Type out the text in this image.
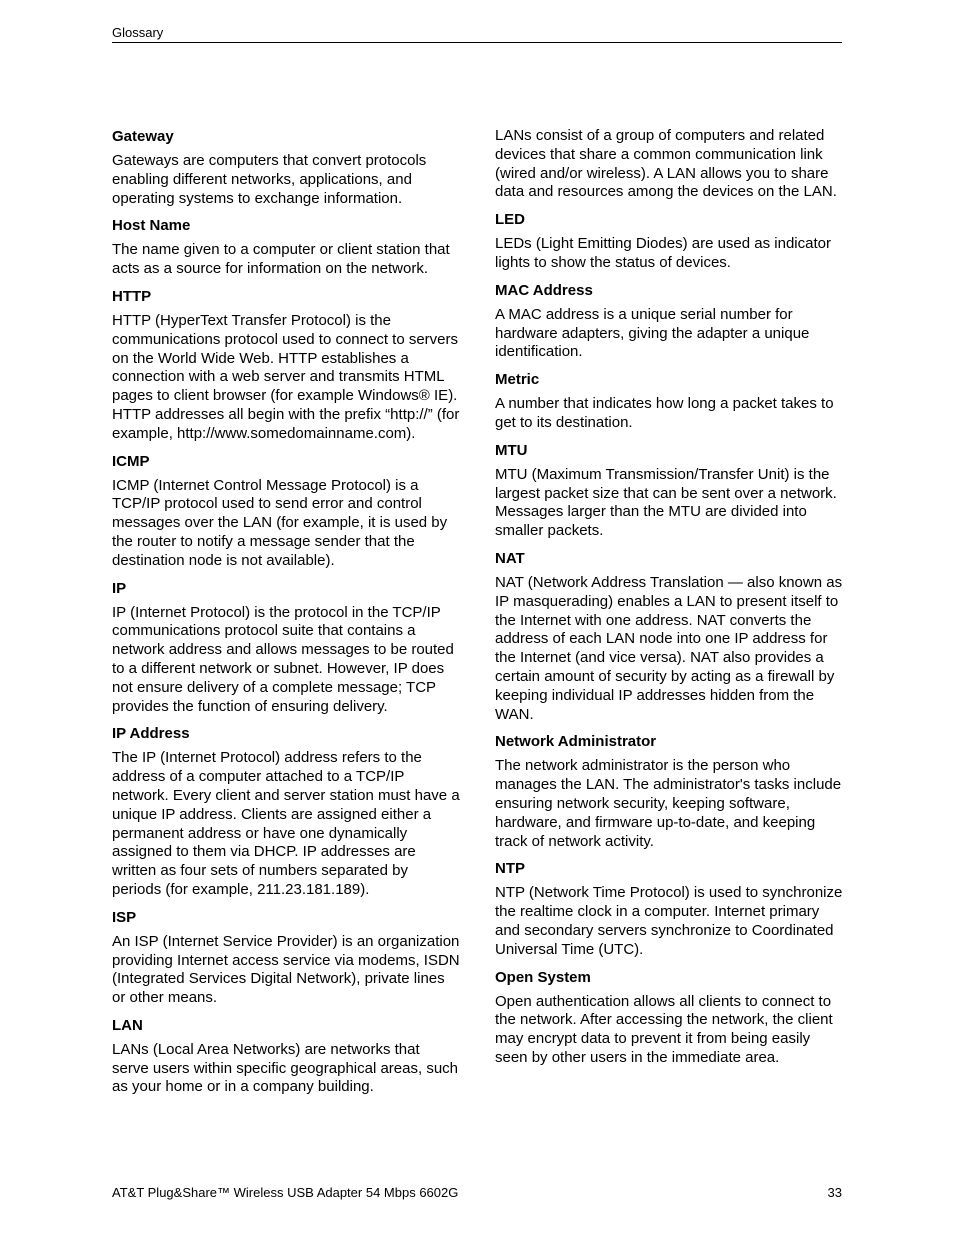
Glossary
Gateway

Gateways are computers that convert protocols enabling different networks, applications, and operating systems to exchange information.

Host Name

The name given to a computer or client station that acts as a source for information on the network.

HTTP

HTTP (HyperText Transfer Protocol) is the communications protocol used to connect to servers on the World Wide Web. HTTP establishes a connection with a web server and transmits HTML pages to client browser (for example Windows® IE). HTTP addresses all begin with the prefix “http://” (for example, http://www.somedomainname.com).

ICMP

ICMP (Internet Control Message Protocol) is a TCP/IP protocol used to send error and control messages over the LAN (for example, it is used by the router to notify a message sender that the destination node is not available).

IP

IP (Internet Protocol) is the protocol in the TCP/IP communications protocol suite that contains a network address and allows messages to be routed to a different network or subnet. However, IP does not ensure delivery of a complete message; TCP provides the function of ensuring delivery.

IP Address

The IP (Internet Protocol) address refers to the address of a computer attached to a TCP/IP network. Every client and server station must have a unique IP address. Clients are assigned either a permanent address or have one dynamically assigned to them via DHCP. IP addresses are written as four sets of numbers separated by periods (for example, 211.23.181.189).

ISP

An ISP (Internet Service Provider) is an organization providing Internet access service via modems, ISDN (Integrated Services Digital Network), private lines or other means.

LAN

LANs (Local Area Networks) are networks that serve users within specific geographical areas, such as your home or in a company building.

LANs consist of a group of computers and related devices that share a common communication link (wired and/or wireless). A LAN allows you to share data and resources among the devices on the LAN.

LED

LEDs (Light Emitting Diodes) are used as indicator lights to show the status of devices.

MAC Address

A MAC address is a unique serial number for hardware adapters, giving the adapter a unique identification.

Metric

A number that indicates how long a packet takes to get to its destination.

MTU

MTU (Maximum Transmission/Transfer Unit) is the largest packet size that can be sent over a network. Messages larger than the MTU are divided into smaller packets.

NAT

NAT (Network Address Translation — also known as IP masquerading) enables a LAN to present itself to the Internet with one address. NAT converts the address of each LAN node into one IP address for the Internet (and vice versa). NAT also provides a certain amount of security by acting as a firewall by keeping individual IP addresses hidden from the WAN.

Network Administrator

The network administrator is the person who manages the LAN. The administrator's tasks include ensuring network security, keeping software, hardware, and firmware up-to-date, and keeping track of network activity.

NTP

NTP (Network Time Protocol) is used to synchronize the realtime clock in a computer. Internet primary and secondary servers synchronize to Coordinated Universal Time (UTC).

Open System

Open authentication allows all clients to connect to the network. After accessing the network, the client may encrypt data to prevent it from being easily seen by other users in the immediate area.

AT&T Plug&Share™ Wireless USB Adapter 54 Mbps 6602G	33
